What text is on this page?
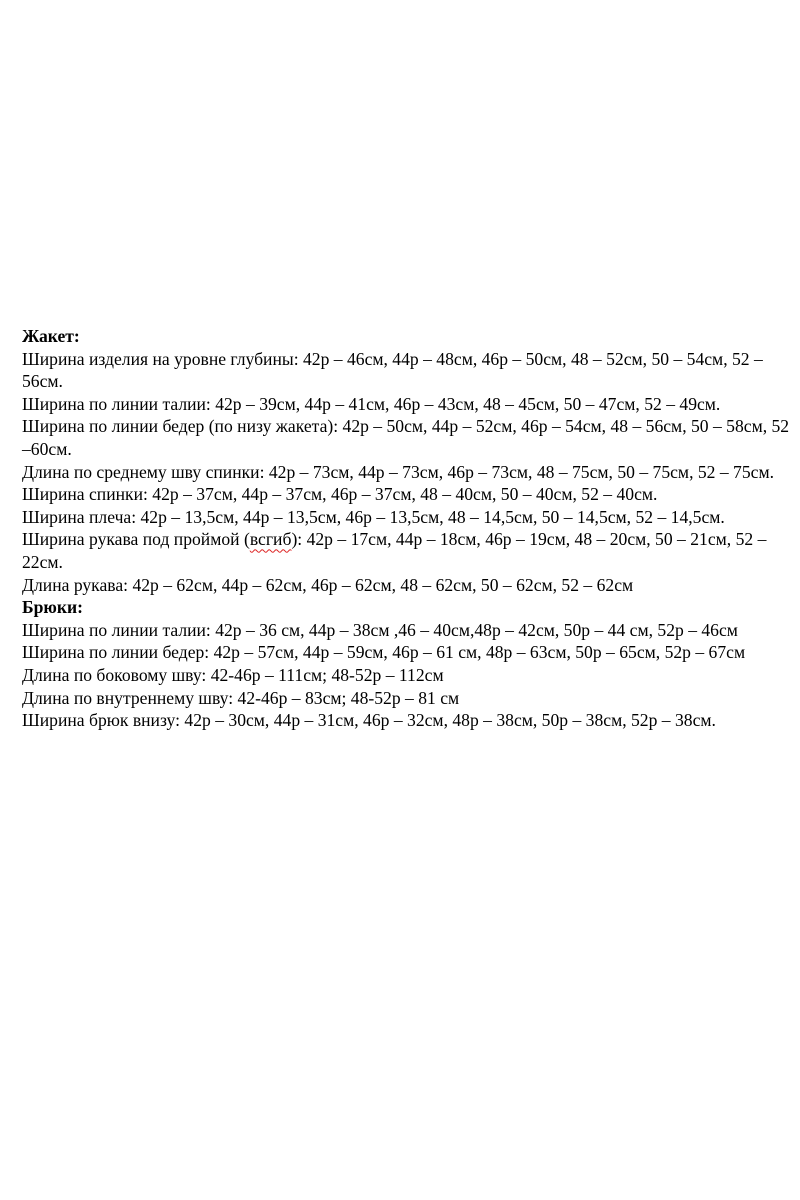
Жакет:

Ширина изделия на уровне глубины: 42р – 46см, 44р – 48см, 46р – 50см, 48 – 52см, 50 – 54см, 52 – 56см.

Ширина по линии талии: 42р – 39см, 44р – 41см, 46р – 43см, 48 – 45см, 50 – 47см, 52 – 49см.

Ширина по линии бедер (по низу жакета): 42р – 50см, 44р – 52см, 46р – 54см, 48 – 56см, 50 – 58см, 52 –60см.

Длина по среднему шву спинки: 42р – 73см, 44р – 73см, 46р – 73см, 48 – 75см, 50 – 75см, 52 – 75см.

Ширина спинки: 42р – 37см, 44р – 37см, 46р – 37см, 48 – 40см, 50 – 40см, 52 – 40см.

Ширина плеча: 42р – 13,5см, 44р – 13,5см, 46р – 13,5см, 48 – 14,5см, 50 – 14,5см, 52 – 14,5см.

Ширина рукава под проймой (всгиб): 42р – 17см, 44р – 18см, 46р – 19см, 48 – 20см, 50 – 21см, 52 – 22см.

Длина рукава: 42р – 62см, 44р – 62см, 46р – 62см, 48 – 62см, 50 – 62см, 52 – 62см

Брюки:

Ширина по линии талии: 42р – 36 см, 44р – 38см ,46 – 40см,48р – 42см, 50р – 44 см, 52р – 46см

Ширина по линии бедер: 42р – 57см, 44р – 59см, 46р – 61 см, 48р – 63см, 50р – 65см, 52р – 67см

Длина по боковому шву: 42-46р – 111см; 48-52р – 112см

Длина по внутреннему шву: 42-46р – 83см; 48-52р – 81 см

Ширина брюк внизу: 42р – 30см, 44р – 31см, 46р – 32см, 48р – 38см, 50р – 38см, 52р – 38см.
